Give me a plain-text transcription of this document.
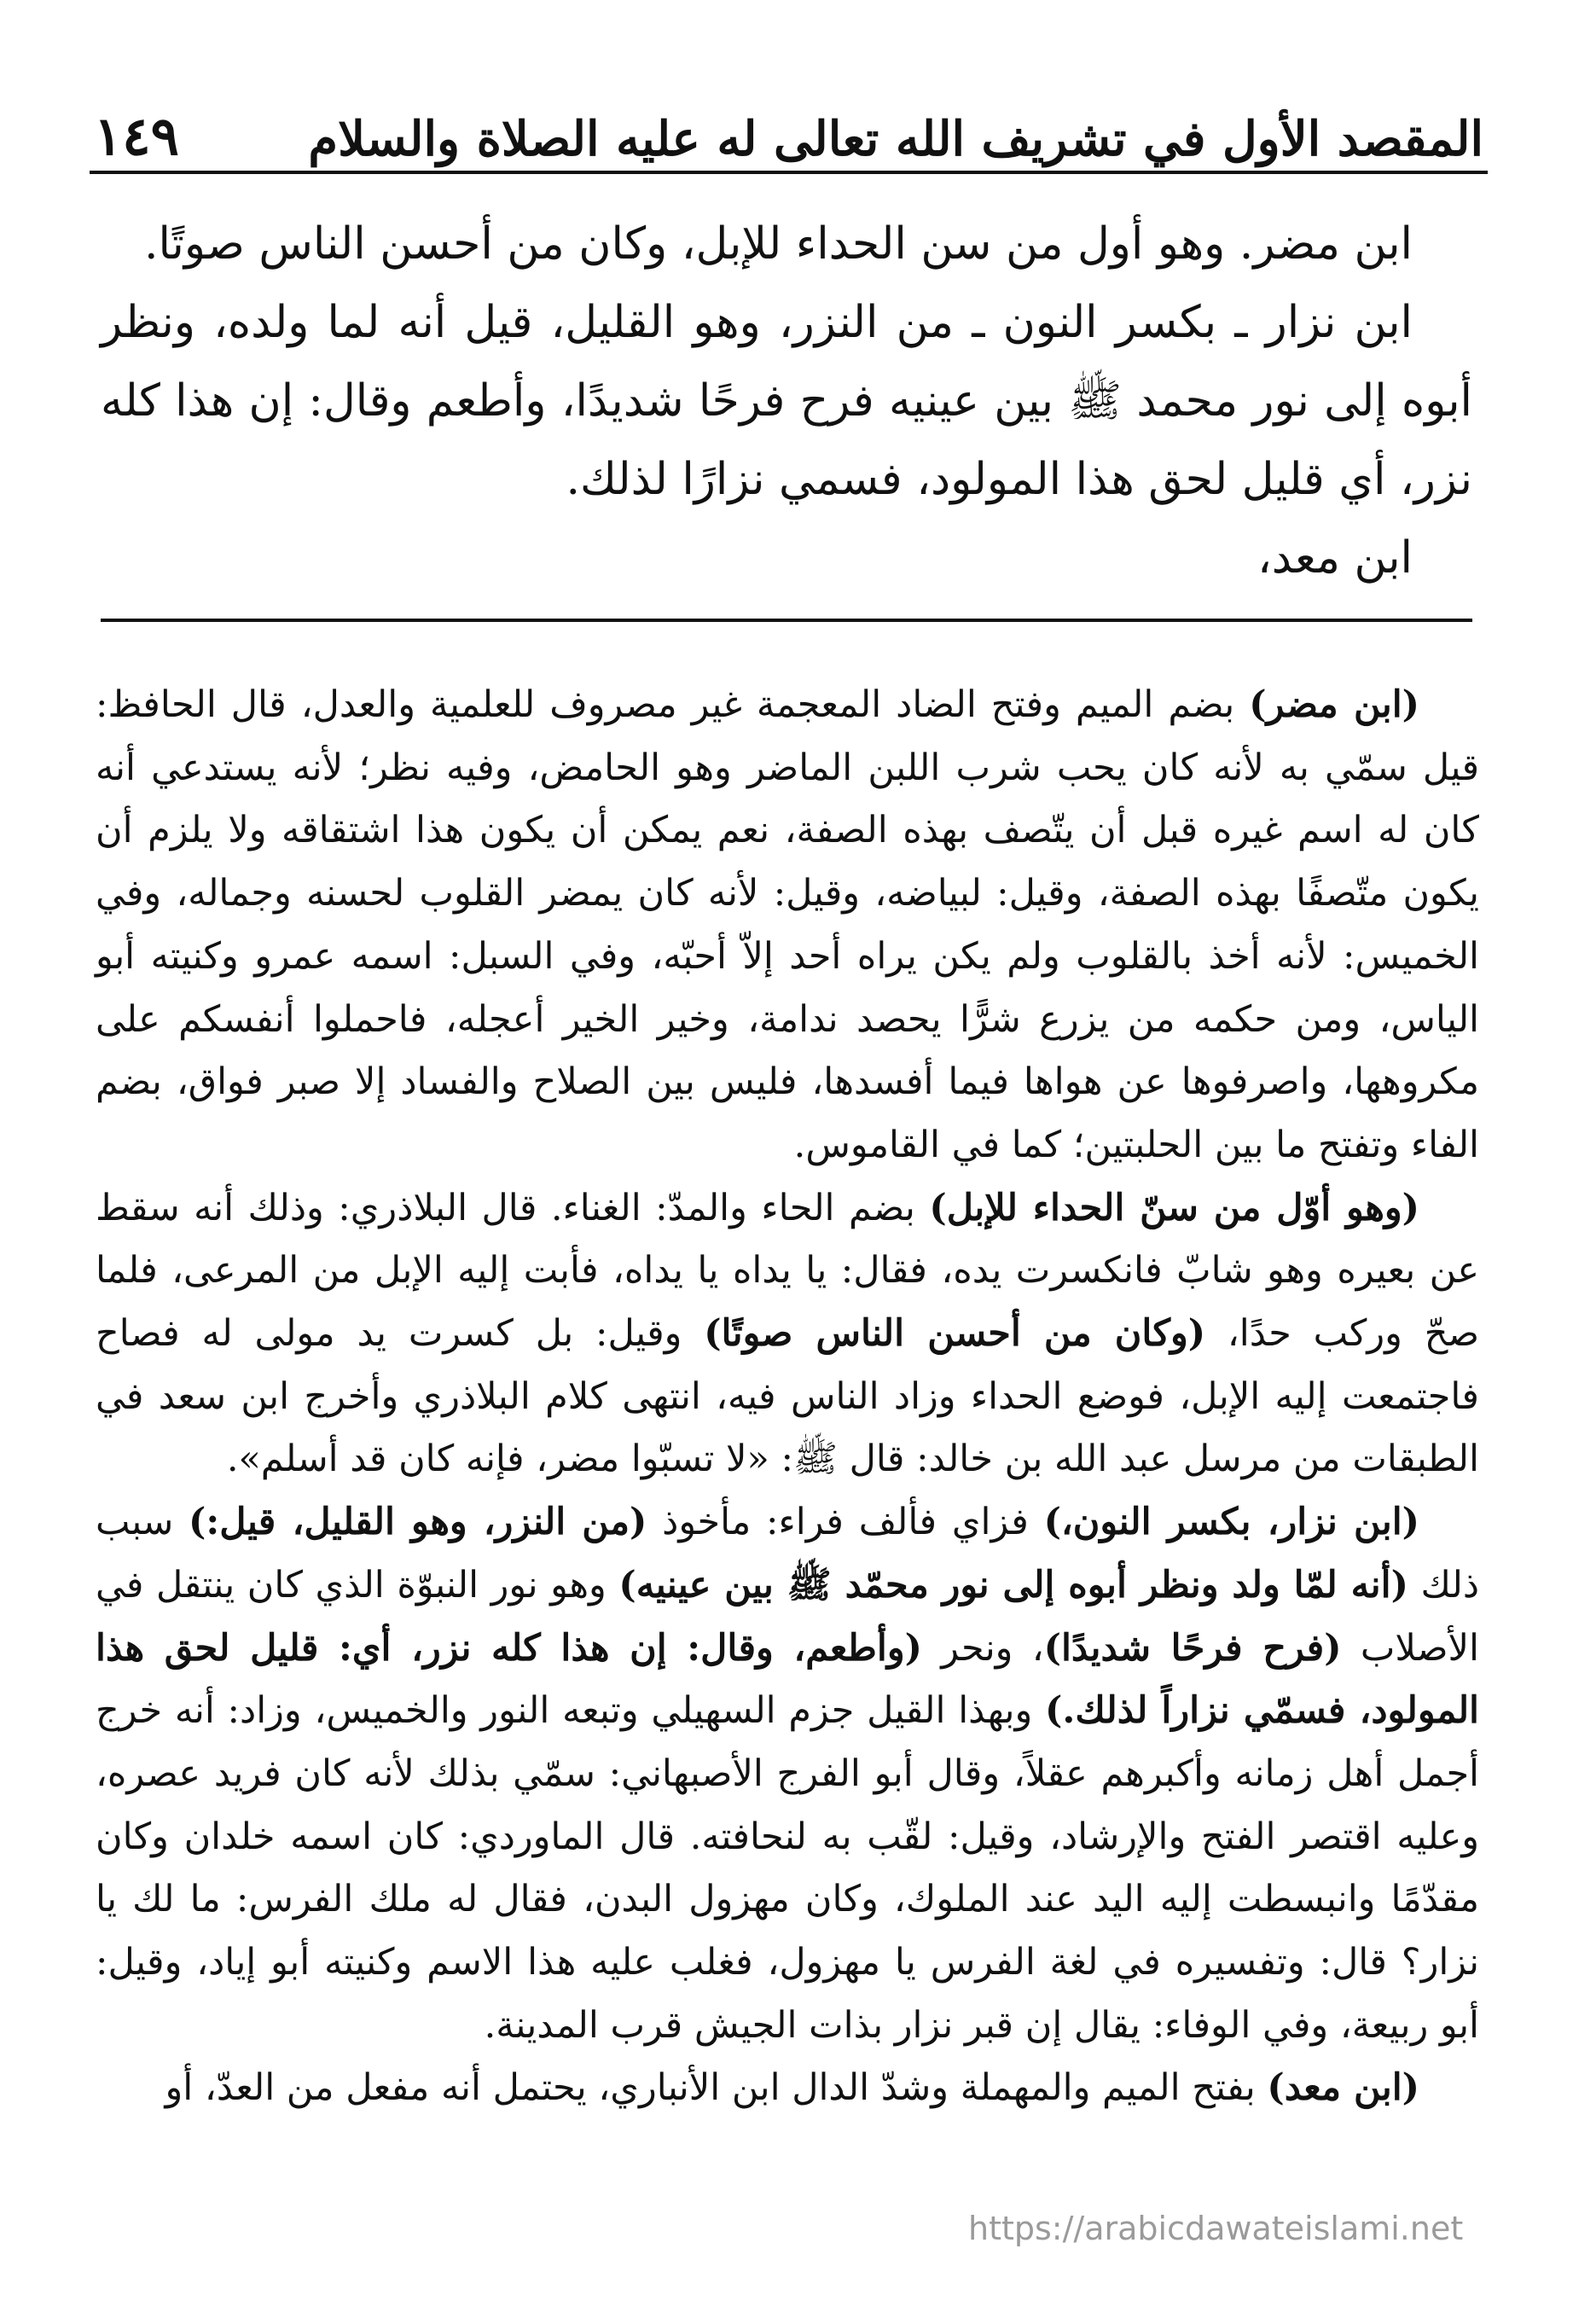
المقصد الأول في تشريف الله تعالى له عليه الصلاة والسلام
١٤٩

ابن مضر. وهو أول من سن الحداء للإبل، وكان من أحسن الناس صوتًا.

ابن نزار ـ بكسر النون ـ من النزر، وهو القليل، قيل أنه لما ولده، ونظر أبوه إلى نور محمد ﷺ بين عينيه فرح فرحًا شديدًا، وأطعم وقال: إن هذا كله نزر، أي قليل لحق هذا المولود، فسمي نزارًا لذلك.

ابن معد،

(ابن مضر) بضم الميم وفتح الضاد المعجمة غير مصروف للعلمية والعدل، قال الحافظ: قيل سمّي به لأنه كان يحب شرب اللبن الماضر وهو الحامض، وفيه نظر؛ لأنه يستدعي أنه كان له اسم غيره قبل أن يتّصف بهذه الصفة، نعم يمكن أن يكون هذا اشتقاقه ولا يلزم أن يكون متّصفًا بهذه الصفة، وقيل: لبياضه، وقيل: لأنه كان يمضر القلوب لحسنه وجماله، وفي الخميس: لأنه أخذ بالقلوب ولم يكن يراه أحد إلاّ أحبّه، وفي السبل: اسمه عمرو وكنيته أبو الياس، ومن حكمه من يزرع شرًّا يحصد ندامة، وخير الخير أعجله، فاحملوا أنفسكم على مكروهها، واصرفوها عن هواها فيما أفسدها، فليس بين الصلاح والفساد إلا صبر فواق، بضم الفاء وتفتح ما بين الحلبتين؛ كما في القاموس.

(وهو أوّل من سنّ الحداء للإبل) بضم الحاء والمدّ: الغناء. قال البلاذري: وذلك أنه سقط عن بعيره وهو شابّ فانكسرت يده، فقال: يا يداه يا يداه، فأبت إليه الإبل من المرعى، فلما صحّ وركب حدًا، (وكان من أحسن الناس صوتًا) وقيل: بل كسرت يد مولى له فصاح فاجتمعت إليه الإبل، فوضع الحداء وزاد الناس فيه، انتهى كلام البلاذري وأخرج ابن سعد في الطبقات من مرسل عبد الله بن خالد: قال ﷺ: «لا تسبّوا مضر، فإنه كان قد أسلم».

(ابن نزار، بكسر النون،) فزاي فألف فراء: مأخوذ (من النزر، وهو القليل، قيل:) سبب ذلك (أنه لمّا ولد ونظر أبوه إلى نور محمّد ﷺ بين عينيه) وهو نور النبوّة الذي كان ينتقل في الأصلاب (فرح فرحًا شديدًا)، ونحر (وأطعم، وقال: إن هذا كله نزر، أي: قليل لحق هذا المولود، فسمّي نزاراً لذلك.) وبهذا القيل جزم السهيلي وتبعه النور والخميس، وزاد: أنه خرج أجمل أهل زمانه وأكبرهم عقلاً، وقال أبو الفرج الأصبهاني: سمّي بذلك لأنه كان فريد عصره، وعليه اقتصر الفتح والإرشاد، وقيل: لقّب به لنحافته. قال الماوردي: كان اسمه خلدان وكان مقدّمًا وانبسطت إليه اليد عند الملوك، وكان مهزول البدن، فقال له ملك الفرس: ما لك يا نزار؟ قال: وتفسيره في لغة الفرس يا مهزول، فغلب عليه هذا الاسم وكنيته أبو إياد، وقيل: أبو ربيعة، وفي الوفاء: يقال إن قبر نزار بذات الجيش قرب المدينة.

(ابن معد) بفتح الميم والمهملة وشدّ الدال ابن الأنباري، يحتمل أنه مفعل من العدّ، أو

https://arabicdawateislami.net
